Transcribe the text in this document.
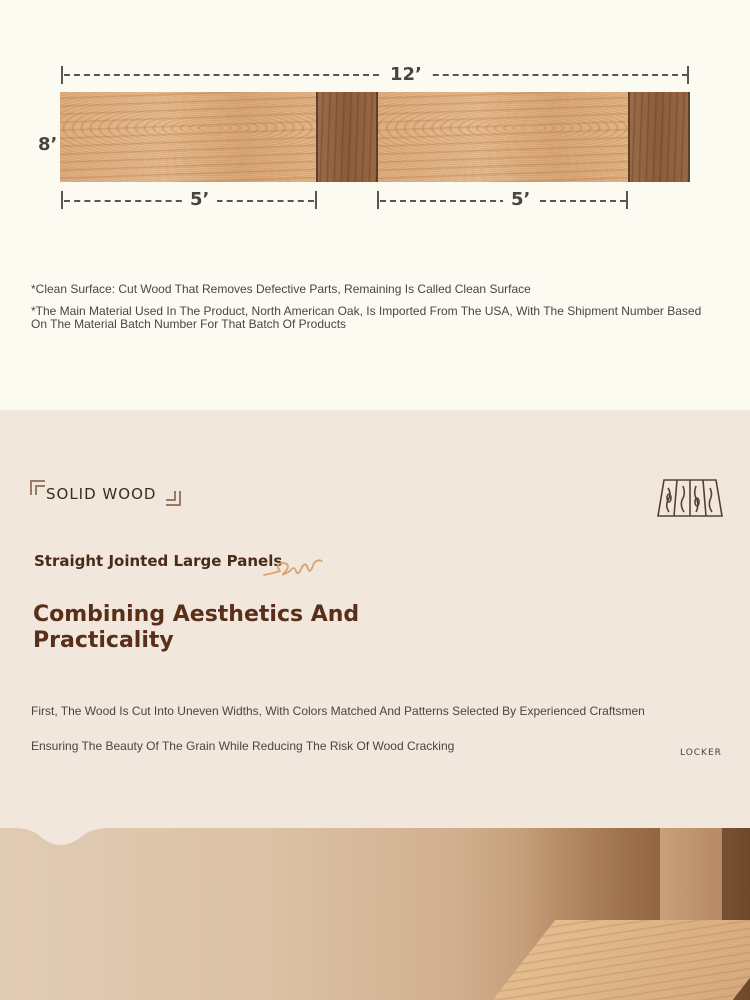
12’
8’
5’	5’
*Clean Surface: Cut Wood That Removes Defective Parts, Remaining Is Called Clean Surface
*The Main Material Used In The Product, North American Oak, Is Imported From The USA, With The Shipment Number Based
On The Material Batch Number For That Batch Of Products
SOLID WOOD
Straight Jointed Large Panels
Combining Aesthetics And
Practicality
First, The Wood Is Cut Into Uneven Widths, With Colors Matched And Patterns Selected By Experienced Craftsmen
Ensuring The Beauty Of The Grain While Reducing The Risk Of Wood Cracking	LOCKER
